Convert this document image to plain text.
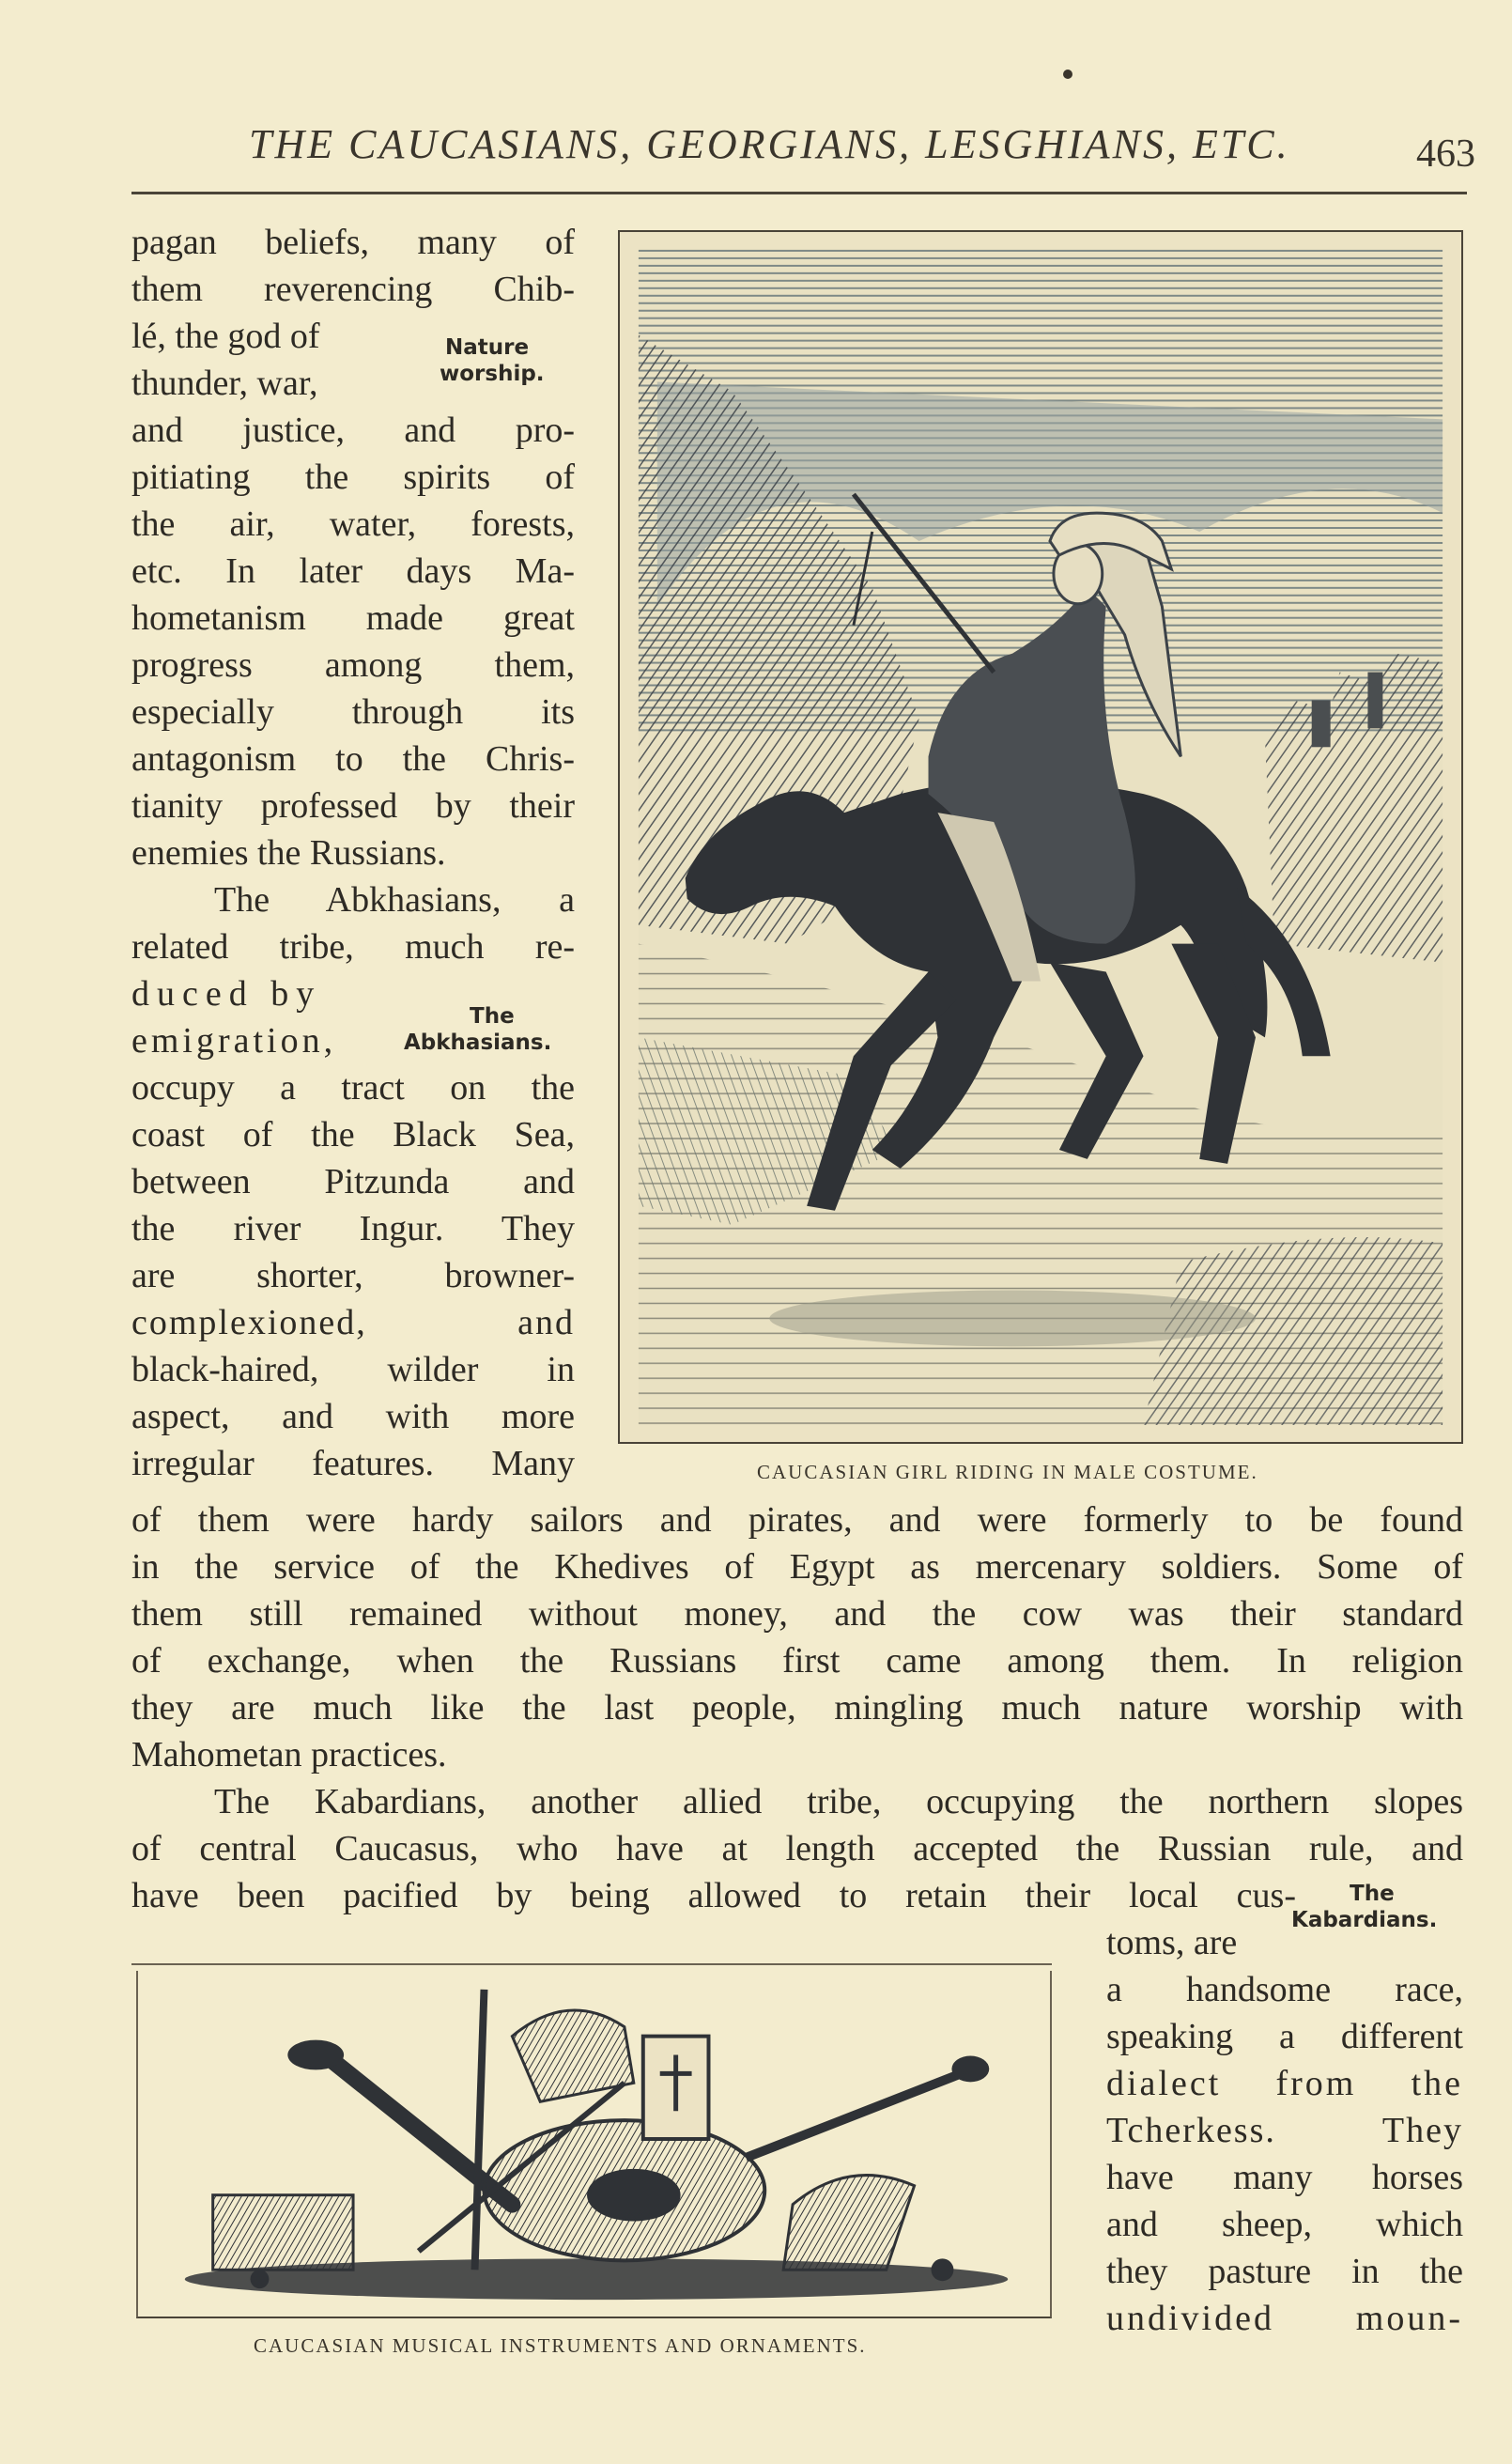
THE CAUCASIANS, GEORGIANS, LESGHIANS, ETC.	463
pagan beliefs, many of
them reverencing Chib-
lé, the god of
thunder, war,
and justice, and pro-
pitiating the spirits of
the air, water, forests,
etc. In later days Ma-
hometanism made great
progress among them,
especially through its
antagonism to the Chris-
tianity professed by their
enemies the Russians.
The Abkhasians, a
related tribe, much re-
duced by
emigration,
occupy a tract on the
coast of the Black Sea,
between Pitzunda and
the river Ingur. They
are shorter, browner-
complexioned, and
black-haired, wilder in
aspect, and with more
irregular features. Many
Nature
worship.
The
Abkhasians.
CAUCASIAN GIRL RIDING IN MALE COSTUME.
of them were hardy sailors and pirates, and were formerly to be found
in the service of the Khedives of Egypt as mercenary soldiers. Some of
them still remained without money, and the cow was their standard
of exchange, when the Russians first came among them. In religion
they are much like the last people, mingling much nature worship with
Mahometan practices.
The Kabardians, another allied tribe, occupying the northern slopes
of central Caucasus, who have at length accepted the Russian rule, and
have been pacified by being allowed to retain their local cus-	The
Kabardians.
toms, are
a handsome race,
speaking a different
dialect from the
Tcherkess. They
have many horses
and sheep, which
they pasture in the
undivided moun-
CAUCASIAN MUSICAL INSTRUMENTS AND ORNAMENTS.
